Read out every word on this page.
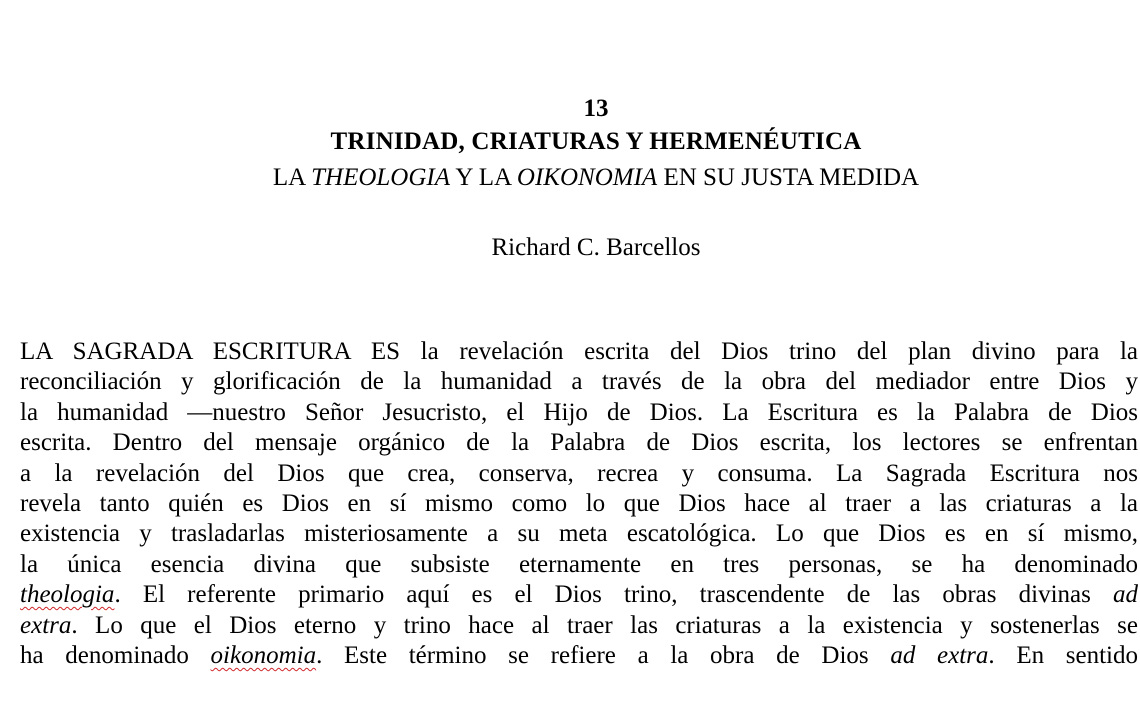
13
TRINIDAD, CRIATURAS Y HERMENÉUTICA
LA THEOLOGIA Y LA OIKONOMIA EN SU JUSTA MEDIDA
Richard C. Barcellos
LA SAGRADA ESCRITURA ES la revelación escrita del Dios trino del plan divino para la
reconciliación y glorificación de la humanidad a través de la obra del mediador entre Dios y
la humanidad —nuestro Señor Jesucristo, el Hijo de Dios. La Escritura es la Palabra de Dios
escrita. Dentro del mensaje orgánico de la Palabra de Dios escrita, los lectores se enfrentan
a la revelación del Dios que crea, conserva, recrea y consuma. La Sagrada Escritura nos
revela tanto quién es Dios en sí mismo como lo que Dios hace al traer a las criaturas a la
existencia y trasladarlas misteriosamente a su meta escatológica. Lo que Dios es en sí mismo,
la única esencia divina que subsiste eternamente en tres personas, se ha denominado
theologia. El referente primario aquí es el Dios trino, trascendente de las obras divinas ad
extra. Lo que el Dios eterno y trino hace al traer las criaturas a la existencia y sostenerlas se
ha denominado oikonomia. Este término se refiere a la obra de Dios ad extra. En sentido
